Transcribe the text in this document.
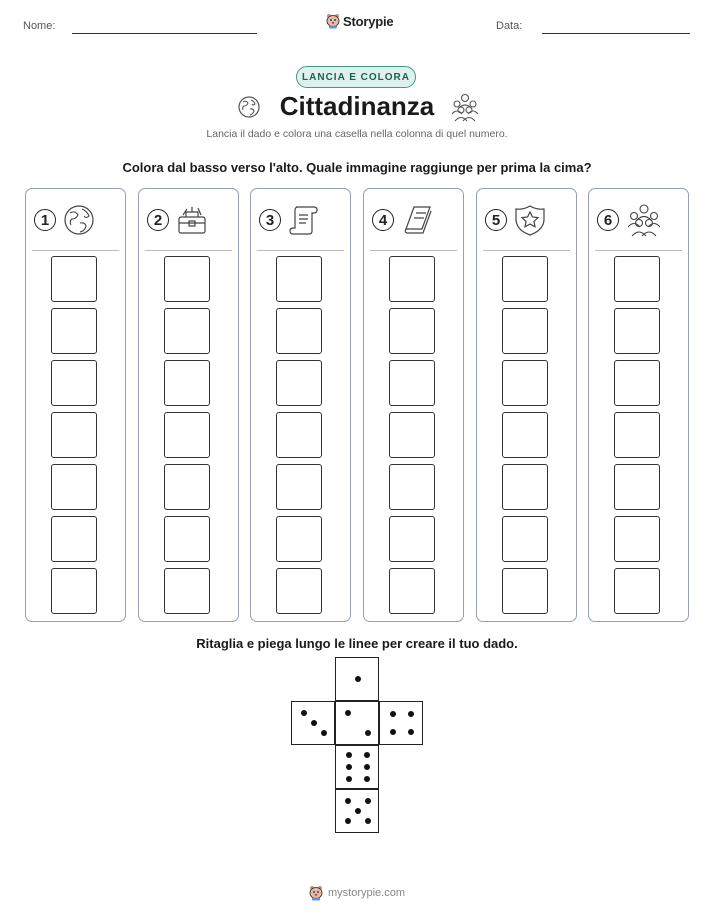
Nome:	Storypie	Data:
LANCIA E COLORA
Cittadinanza
Lancia il dado e colora una casella nella colonna di quel numero.
Colora dal basso verso l'alto. Quale immagine raggiunge per prima la cima?
1	2	3	4	5	6
Ritaglia e piega lungo le linee per creare il tuo dado.
mystorypie.com
